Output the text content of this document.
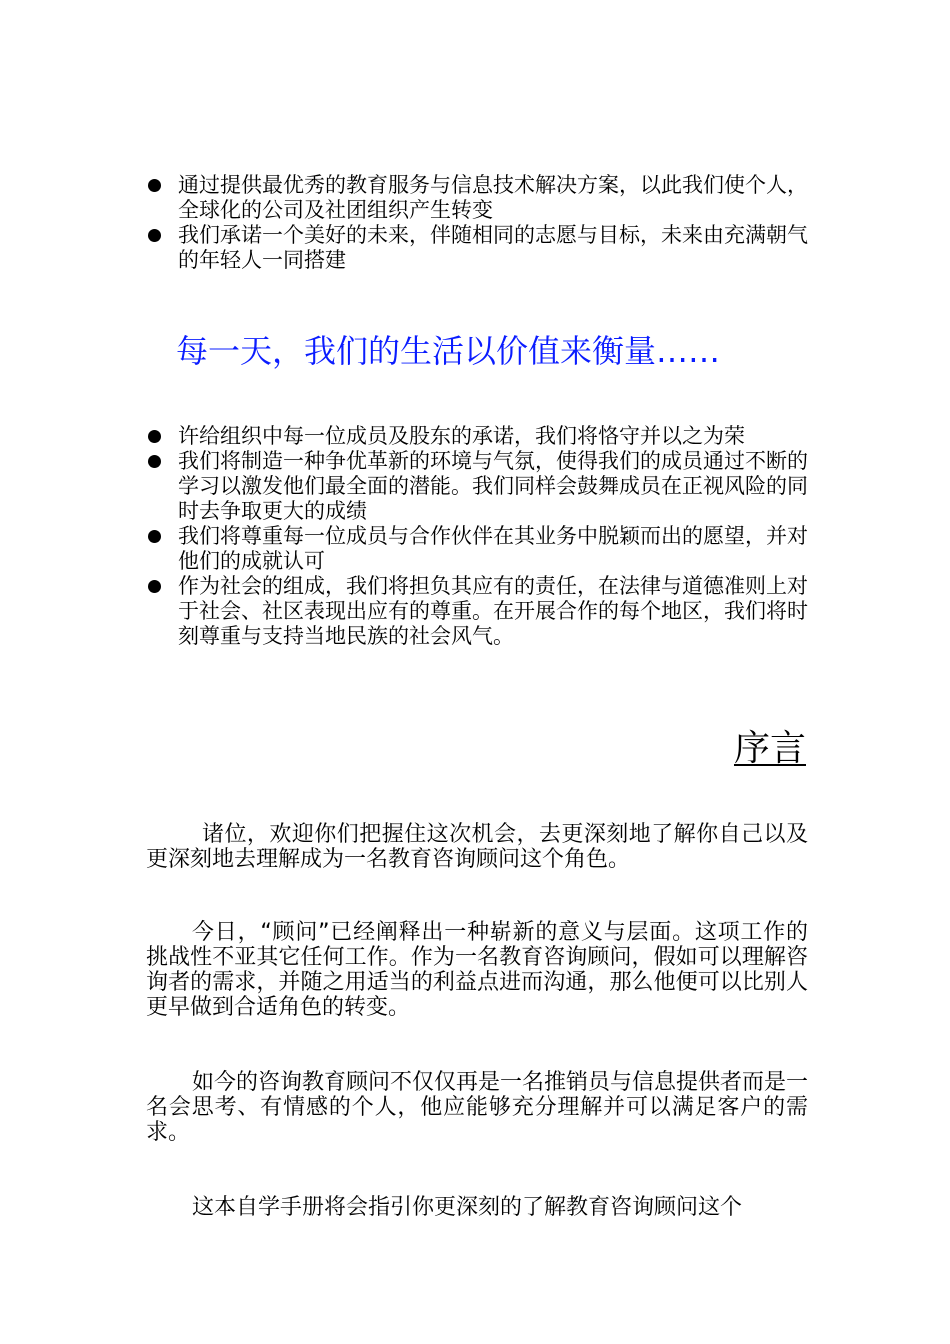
通过提供最优秀的教育服务与信息技术解决方案，以此我们使个人，全球化的公司及社团组织产生转变
我们承诺一个美好的未来，伴随相同的志愿与目标，未来由充满朝气的年轻人一同搭建
每一天，我们的生活以价值来衡量……
许给组织中每一位成员及股东的承诺，我们将恪守并以之为荣
我们将制造一种争优革新的环境与气氛，使得我们的成员通过不断的学习以激发他们最全面的潜能。我们同样会鼓舞成员在正视风险的同时去争取更大的成绩
我们将尊重每一位成员与合作伙伴在其业务中脱颖而出的愿望，并对他们的成就认可
作为社会的组成，我们将担负其应有的责任，在法律与道德准则上对于社会、社区表现出应有的尊重。在开展合作的每个地区，我们将时刻尊重与支持当地民族的社会风气。
序言

诸位，欢迎你们把握住这次机会，去更深刻地了解你自己以及更深刻地去理解成为一名教育咨询顾问这个角色。

今日，“顾问”已经阐释出一种崭新的意义与层面。这项工作的挑战性不亚其它任何工作。作为一名教育咨询顾问，假如可以理解咨询者的需求，并随之用适当的利益点进而沟通，那么他便可以比别人更早做到合适角色的转变。

如今的咨询教育顾问不仅仅再是一名推销员与信息提供者而是一名会思考、有情感的个人，他应能够充分理解并可以满足客户的需求。

这本自学手册将会指引你更深刻的了解教育咨询顾问这个
